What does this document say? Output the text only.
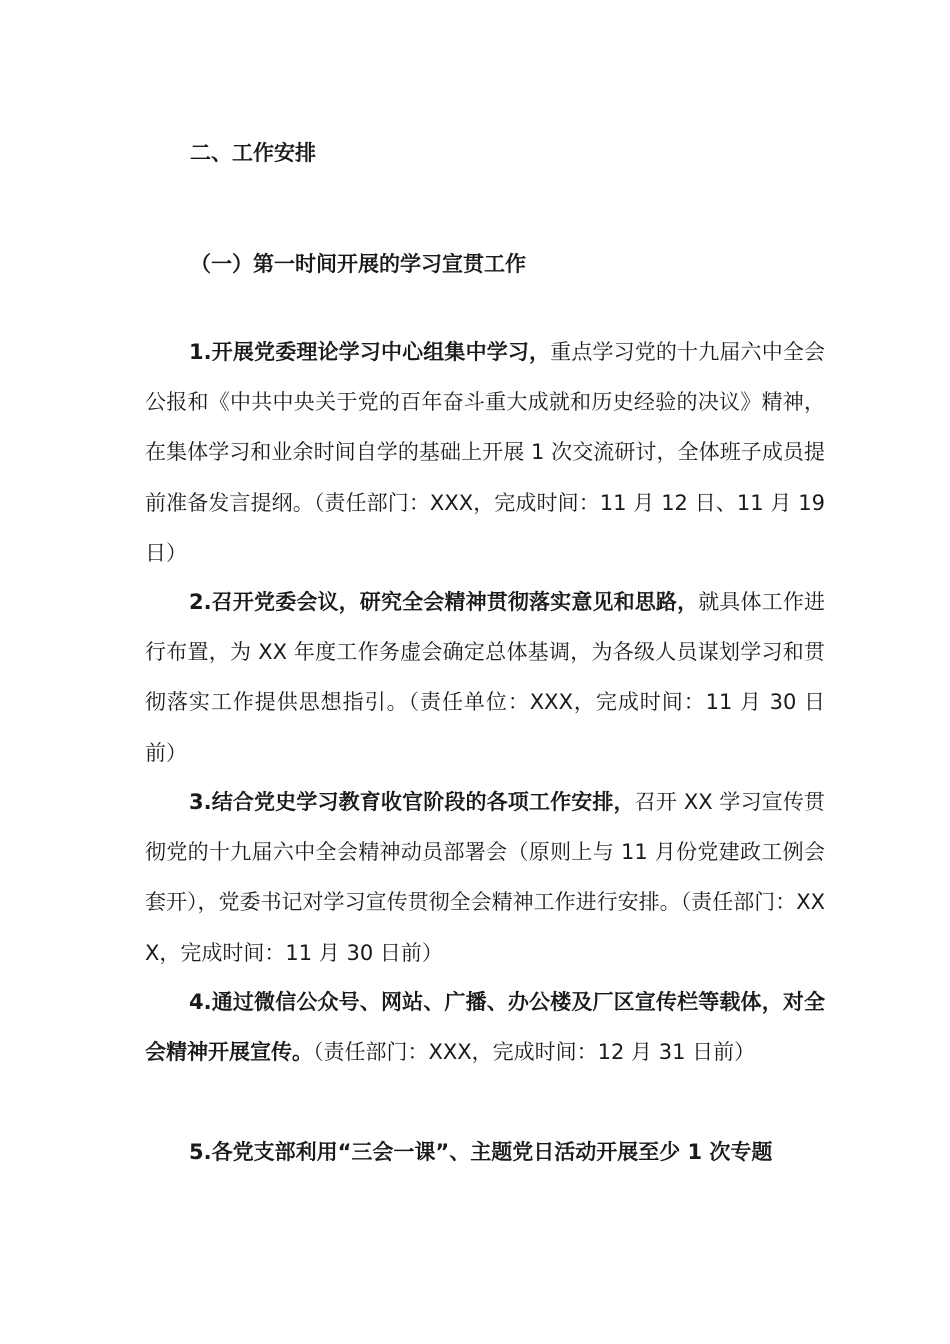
二、工作安排
（一）第一时间开展的学习宣贯工作

1.开展党委理论学习中心组集中学习，重点学习党的十九届六中全会公报和《中共中央关于党的百年奋斗重大成就和历史经验的决议》精神，在集体学习和业余时间自学的基础上开展 1 次交流研讨，全体班子成员提前准备发言提纲。（责任部门：XXX，完成时间：11 月 12 日、11 月 19 日）

2.召开党委会议，研究全会精神贯彻落实意见和思路，就具体工作进行布置，为 XX 年度工作务虚会确定总体基调，为各级人员谋划学习和贯彻落实工作提供思想指引。（责任单位：XXX，完成时间：11 月 30 日前）

3.结合党史学习教育收官阶段的各项工作安排，召开 XX 学习宣传贯彻党的十九届六中全会精神动员部署会（原则上与 11 月份党建政工例会套开），党委书记对学习宣传贯彻全会精神工作进行安排。（责任部门：XXX，完成时间：11 月 30 日前）

4.通过微信公众号、网站、广播、办公楼及厂区宣传栏等载体，对全会精神开展宣传。（责任部门：XXX，完成时间：12 月 31 日前）

5.各党支部利用“三会一课”、主题党日活动开展至少 1 次专题
